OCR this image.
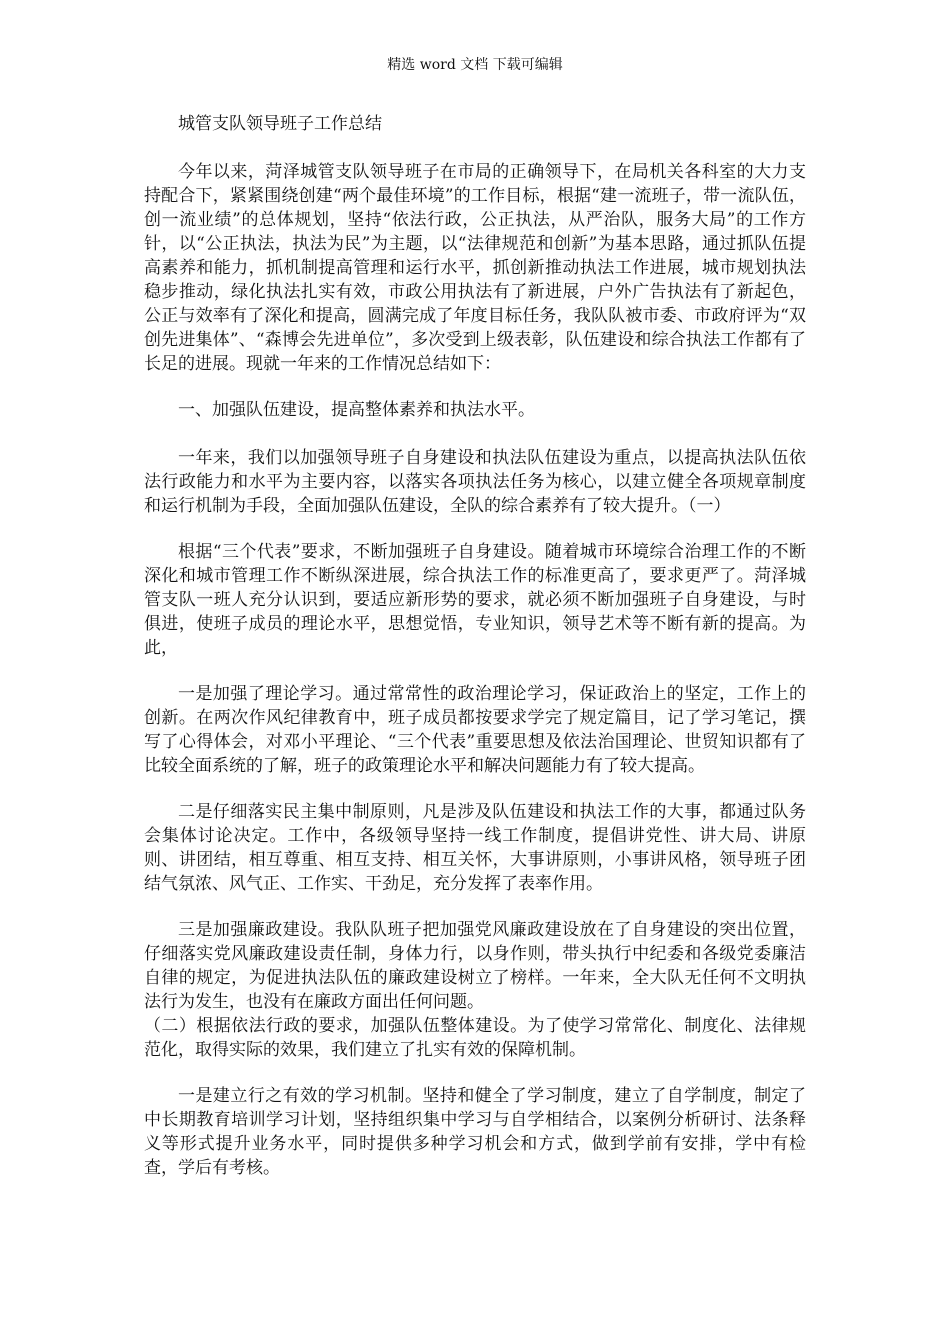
精选 word 文档 下载可编辑

城管支队领导班子工作总结

今年以来，菏泽城管支队领导班子在市局的正确领导下，在局机关各科室的大力支持配合下，紧紧围绕创建“两个最佳环境”的工作目标，根据“建一流班子，带一流队伍，创一流业绩”的总体规划，坚持“依法行政，公正执法，从严治队，服务大局”的工作方针，以“公正执法，执法为民”为主题，以“法律规范和创新”为基本思路，通过抓队伍提高素养和能力，抓机制提高管理和运行水平，抓创新推动执法工作进展，城市规划执法稳步推动，绿化执法扎实有效，市政公用执法有了新进展，户外广告执法有了新起色，公正与效率有了深化和提高，圆满完成了年度目标任务，我队队被市委、市政府评为“双创先进集体”、“森博会先进单位”，多次受到上级表彰，队伍建设和综合执法工作都有了长足的进展。现就一年来的工作情况总结如下：

一、加强队伍建设，提高整体素养和执法水平。

一年来，我们以加强领导班子自身建设和执法队伍建设为重点，以提高执法队伍依法行政能力和水平为主要内容，以落实各项执法任务为核心，以建立健全各项规章制度和运行机制为手段，全面加强队伍建设，全队的综合素养有了较大提升。（一）

根据“三个代表”要求，不断加强班子自身建设。随着城市环境综合治理工作的不断深化和城市管理工作不断纵深进展，综合执法工作的标准更高了，要求更严了。菏泽城管支队一班人充分认识到，要适应新形势的要求，就必须不断加强班子自身建设，与时俱进，使班子成员的理论水平，思想觉悟，专业知识，领导艺术等不断有新的提高。为此，

一是加强了理论学习。通过常常性的政治理论学习，保证政治上的坚定，工作上的创新。在两次作风纪律教育中，班子成员都按要求学完了规定篇目，记了学习笔记，撰写了心得体会，对邓小平理论、“三个代表”重要思想及依法治国理论、世贸知识都有了比较全面系统的了解，班子的政策理论水平和解决问题能力有了较大提高。

二是仔细落实民主集中制原则，凡是涉及队伍建设和执法工作的大事，都通过队务会集体讨论决定。工作中，各级领导坚持一线工作制度，提倡讲党性、讲大局、讲原则、讲团结，相互尊重、相互支持、相互关怀，大事讲原则，小事讲风格，领导班子团结气氛浓、风气正、工作实、干劲足，充分发挥了表率作用。

三是加强廉政建设。我队队班子把加强党风廉政建设放在了自身建设的突出位置，仔细落实党风廉政建设责任制，身体力行，以身作则，带头执行中纪委和各级党委廉洁自律的规定，为促进执法队伍的廉政建设树立了榜样。一年来，全大队无任何不文明执法行为发生，也没有在廉政方面出任何问题。

（二）根据依法行政的要求，加强队伍整体建设。为了使学习常常化、制度化、法律规范化，取得实际的效果，我们建立了扎实有效的保障机制。

一是建立行之有效的学习机制。坚持和健全了学习制度，建立了自学制度，制定了中长期教育培训学习计划，坚持组织集中学习与自学相结合，以案例分析研讨、法条释义等形式提升业务水平，同时提供多种学习机会和方式，做到学前有安排，学中有检查，学后有考核。
